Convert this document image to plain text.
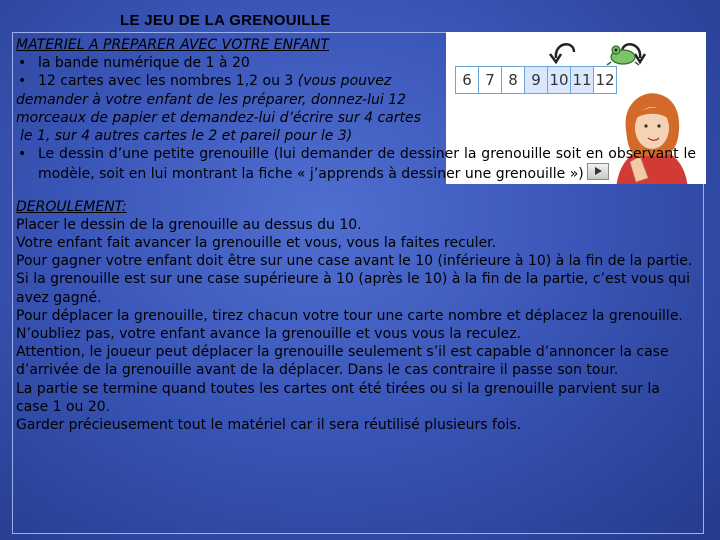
LE JEU DE LA GRENOUILLE
6 7 8 9 10 11 12
MATERIEL A PREPARER AVEC VOTRE ENFANT
• la bande numérique de 1 à 20
• 12 cartes avec les nombres 1,2 ou 3 (vous pouvez
demander à votre enfant de les préparer, donnez-lui 12
morceaux de papier et demandez-lui d’écrire sur 4 cartes
le 1, sur 4 autres cartes le 2 et pareil pour le 3)
• Le dessin d’une petite grenouille (lui demander de dessiner la grenouille soit en observant le modèle, soit en lui montrant la fiche « j’apprends à dessiner une grenouille »)
DEROULEMENT:
Placer le dessin de la grenouille au dessus du 10.
Votre enfant fait avancer la grenouille et vous, vous la faites reculer.
Pour gagner votre enfant doit être sur une case avant le 10 (inférieure à 10) à la fin de la partie.
Si la grenouille est sur une case supérieure à 10 (après le 10) à la fin de la partie, c’est vous qui avez gagné.
Pour déplacer la grenouille, tirez chacun votre tour une carte nombre et déplacez la grenouille. N’oubliez pas, votre enfant avance la grenouille et vous vous la reculez.
Attention, le joueur peut déplacer la grenouille seulement s’il est capable d’annoncer la case d’arrivée de la grenouille avant de la déplacer. Dans le cas contraire il passe son tour.
La partie se termine quand toutes les cartes ont été tirées ou si la grenouille parvient sur la case 1 ou 20.
Garder précieusement tout le matériel car il sera réutilisé plusieurs fois.
